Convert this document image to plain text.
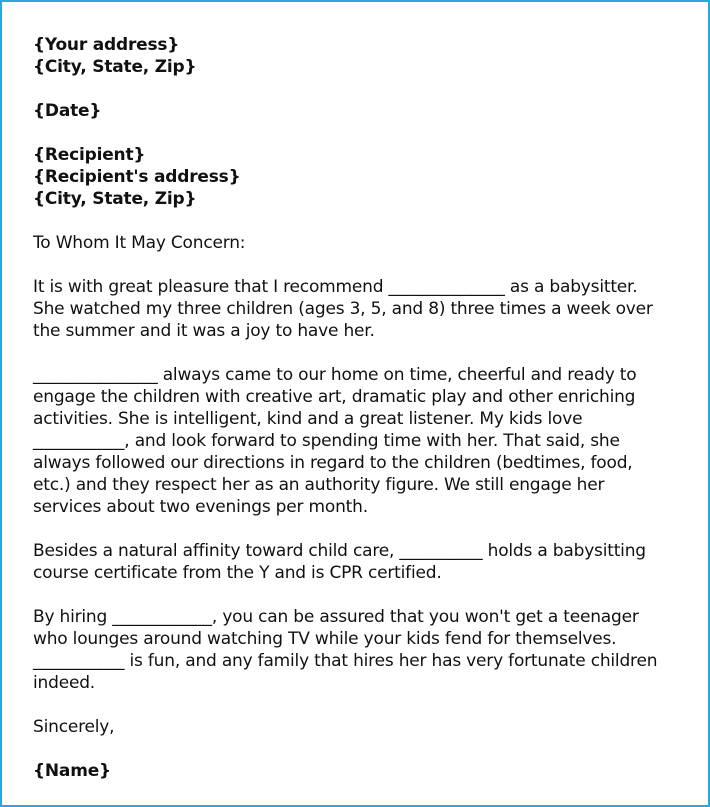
{Your address}
{City, State, Zip}
{Date}
{Recipient}
{Recipient's address}
{City, State, Zip}
To Whom It May Concern:
It is with great pleasure that I recommend ______________ as a babysitter.
She watched my three children (ages 3, 5, and 8) three times a week over
the summer and it was a joy to have her.
_______________ always came to our home on time, cheerful and ready to
engage the children with creative art, dramatic play and other enriching
activities. She is intelligent, kind and a great listener. My kids love
___________, and look forward to spending time with her. That said, she
always followed our directions in regard to the children (bedtimes, food,
etc.) and they respect her as an authority figure. We still engage her
services about two evenings per month.
Besides a natural affinity toward child care, __________ holds a babysitting
course certificate from the Y and is CPR certified.
By hiring ____________, you can be assured that you won't get a teenager
who lounges around watching TV while your kids fend for themselves.
___________ is fun, and any family that hires her has very fortunate children
indeed.
Sincerely,
{Name}
